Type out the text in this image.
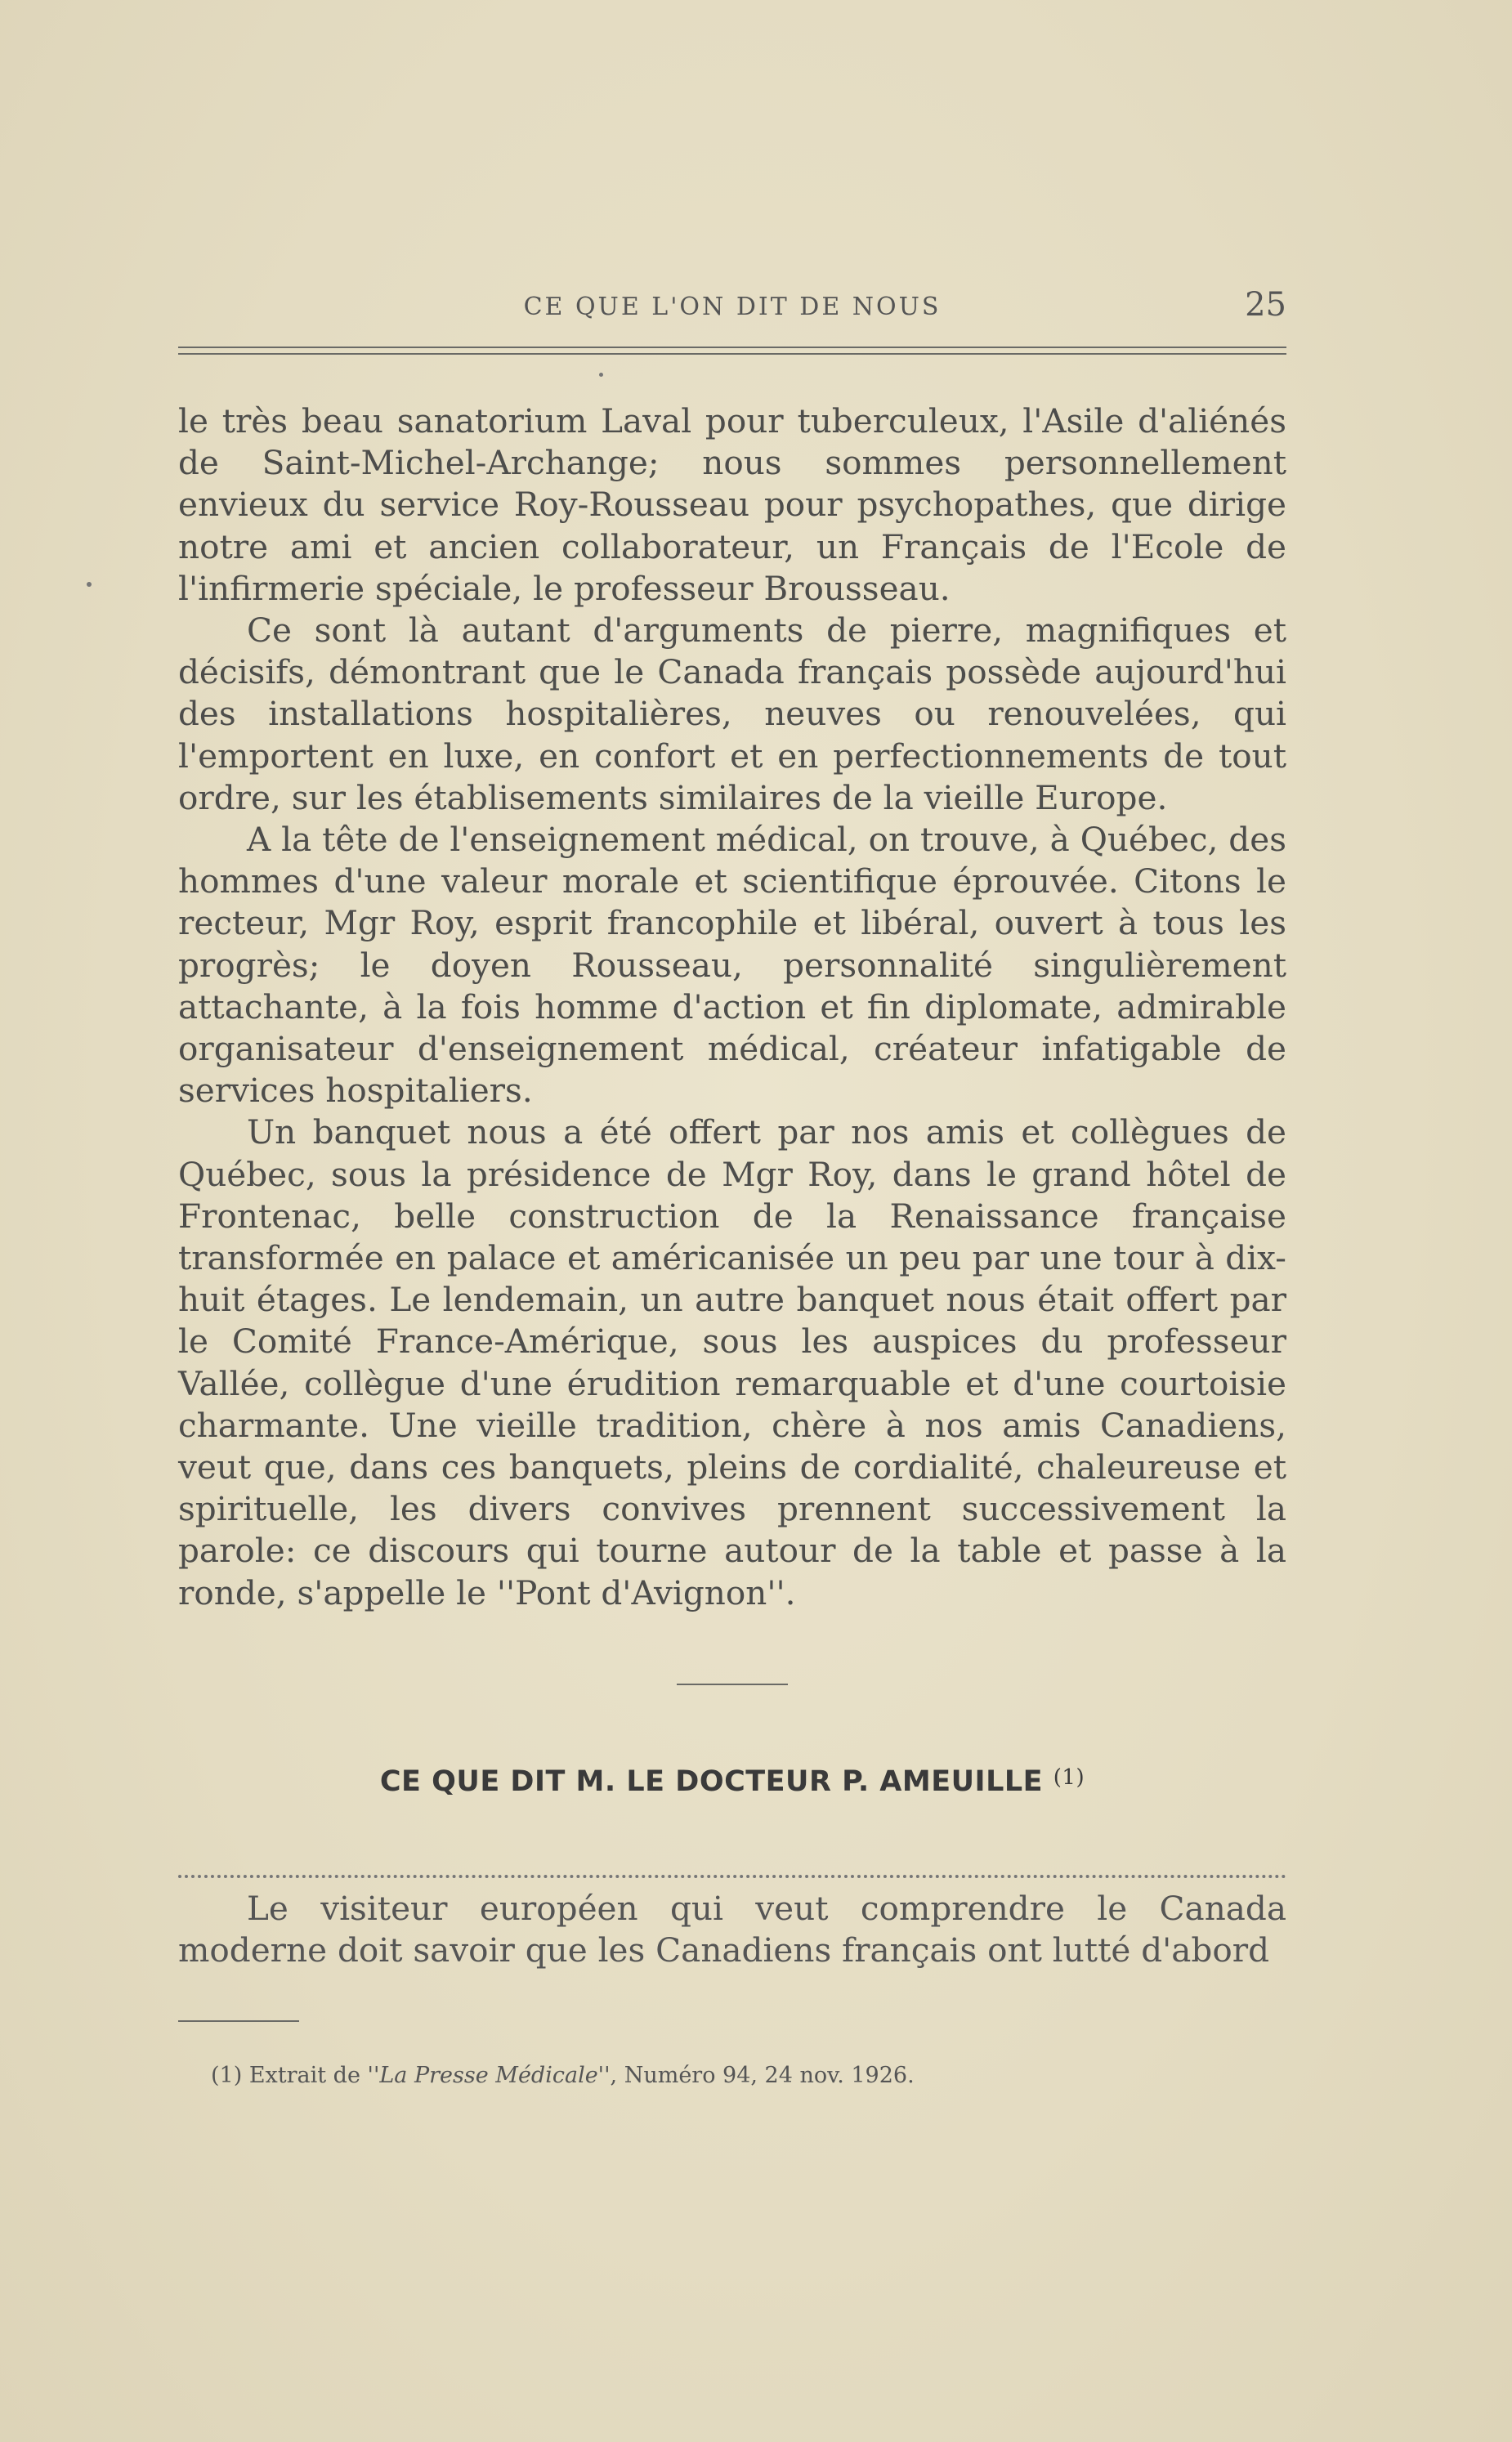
CE QUE L'ON DIT DE NOUS	25

le très beau sanatorium Laval pour tuberculeux, l'Asile d'aliénés de Saint-Michel-Archange; nous sommes personnellement envieux du service Roy-Rousseau pour psychopathes, que dirige notre ami et ancien collaborateur, un Français de l'Ecole de l'infirmerie spéciale, le professeur Brousseau.

Ce sont là autant d'arguments de pierre, magnifiques et décisifs, démontrant que le Canada français possède aujourd'hui des installations hospitalières, neuves ou renouvelées, qui l'emportent en luxe, en confort et en perfectionnements de tout ordre, sur les établisements similaires de la vieille Europe.

A la tête de l'enseignement médical, on trouve, à Québec, des hommes d'une valeur morale et scientifique éprouvée. Citons le recteur, Mgr Roy, esprit francophile et libéral, ouvert à tous les progrès; le doyen Rousseau, personnalité singulièrement attachante, à la fois homme d'action et fin diplomate, admirable organisateur d'enseignement médical, créateur infatigable de services hospitaliers.

Un banquet nous a été offert par nos amis et collègues de Québec, sous la présidence de Mgr Roy, dans le grand hôtel de Frontenac, belle construction de la Renaissance française transformée en palace et américanisée un peu par une tour à dix-huit étages. Le lendemain, un autre banquet nous était offert par le Comité France-Amérique, sous les auspices du professeur Vallée, collègue d'une érudition remarquable et d'une courtoisie charmante. Une vieille tradition, chère à nos amis Canadiens, veut que, dans ces banquets, pleins de cordialité, chaleureuse et spirituelle, les divers convives prennent successivement la parole: ce discours qui tourne autour de la table et passe à la ronde, s'appelle le ''Pont d'Avignon''.

CE QUE DIT M. LE DOCTEUR P. AMEUILLE $^{(1)}$

Le visiteur européen qui veut comprendre le Canada moderne doit savoir que les Canadiens français ont lutté d'abord

(1) Extrait de ''La Presse Médicale'', Numéro 94, 24 nov. 1926.
